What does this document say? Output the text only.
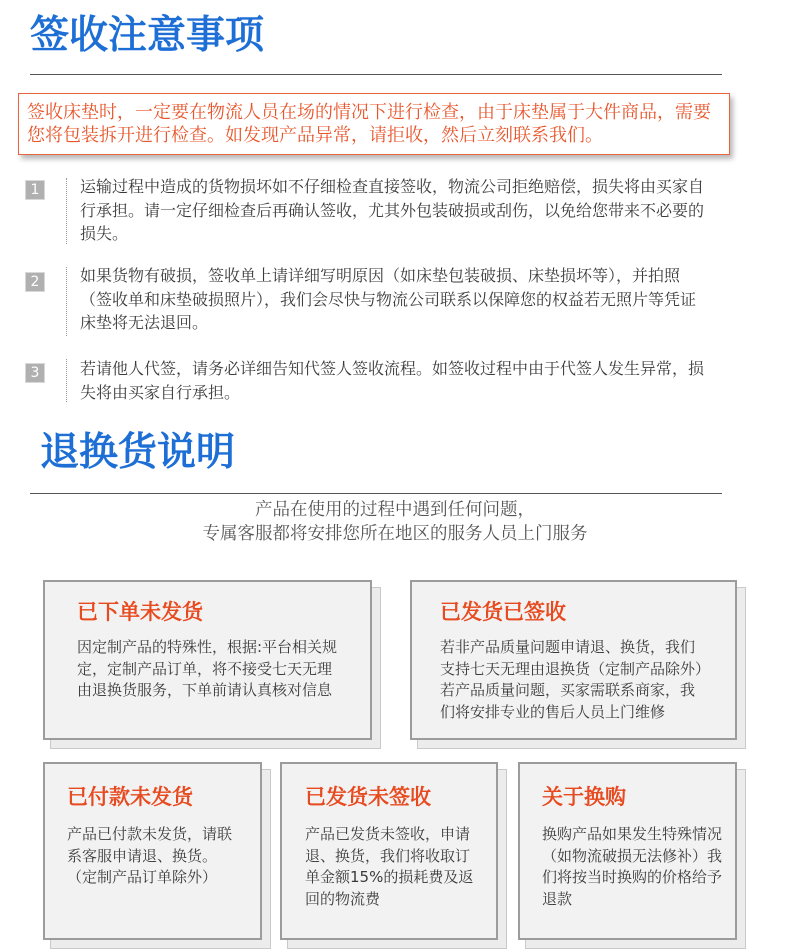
签收注意事项
签收床垫时，一定要在物流人员在场的情况下进行检查，由于床垫属于大件商品，需要
您将包装拆开进行检查。如发现产品异常，请拒收，然后立刻联系我们。
1	运输过程中造成的货物损坏如不仔细检查直接签收，物流公司拒绝赔偿，损失将由买家自
行承担。请一定仔细检查后再确认签收，尤其外包装破损或刮伤，以免给您带来不必要的
损失。
2	如果货物有破损，签收单上请详细写明原因（如床垫包装破损、床垫损坏等），并拍照
（签收单和床垫破损照片），我们会尽快与物流公司联系以保障您的权益若无照片等凭证
床垫将无法退回。
3	若请他人代签，请务必详细告知代签人签收流程。如签收过程中由于代签人发生异常，损
失将由买家自行承担。
退换货说明
产品在使用的过程中遇到任何问题，
专属客服都将安排您所在地区的服务人员上门服务
已下单未发货
因定制产品的特殊性，根据:平台相关规
定，定制产品订单，将不接受七天无理
由退换货服务，下单前请认真核对信息
已发货已签收
若非产品质量问题申请退、换货，我们
支持七天无理由退换货（定制产品除外）
若产品质量问题，买家需联系商家，我
们将安排专业的售后人员上门维修
已付款未发货
产品已付款未发货，请联
系客服申请退、换货。
（定制产品订单除外）
已发货未签收
产品已发货未签收，申请
退、换货，我们将收取订
单金额15%的损耗费及返
回的物流费
关于换购
换购产品如果发生特殊情况
（如物流破损无法修补）我
们将按当时换购的价格给予
退款
